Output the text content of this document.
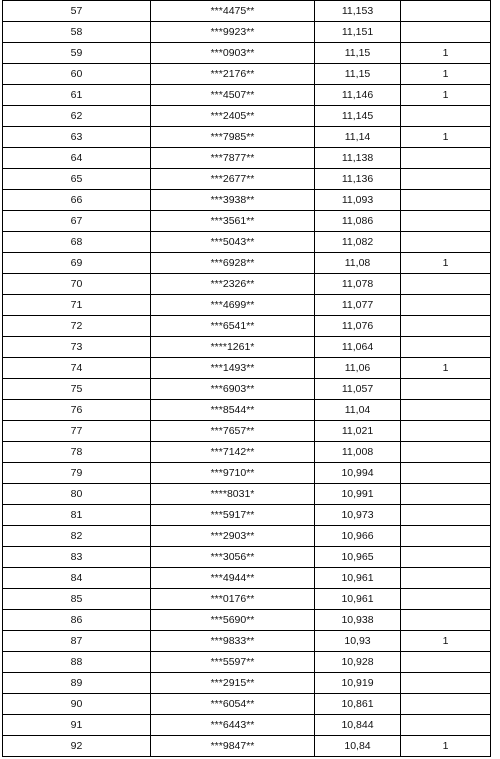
57	***4475**	11,153	
58	***9923**	11,151	
59	***0903**	11,15	1
60	***2176**	11,15	1
61	***4507**	11,146	1
62	***2405**	11,145	
63	***7985**	11,14	1
64	***7877**	11,138	
65	***2677**	11,136	
66	***3938**	11,093	
67	***3561**	11,086	
68	***5043**	11,082	
69	***6928**	11,08	1
70	***2326**	11,078	
71	***4699**	11,077	
72	***6541**	11,076	
73	****1261*	11,064	
74	***1493**	11,06	1
75	***6903**	11,057	
76	***8544**	11,04	
77	***7657**	11,021	
78	***7142**	11,008	
79	***9710**	10,994	
80	****8031*	10,991	
81	***5917**	10,973	
82	***2903**	10,966	
83	***3056**	10,965	
84	***4944**	10,961	
85	***0176**	10,961	
86	***5690**	10,938	
87	***9833**	10,93	1
88	***5597**	10,928	
89	***2915**	10,919	
90	***6054**	10,861	
91	***6443**	10,844	
92	***9847**	10,84	1
